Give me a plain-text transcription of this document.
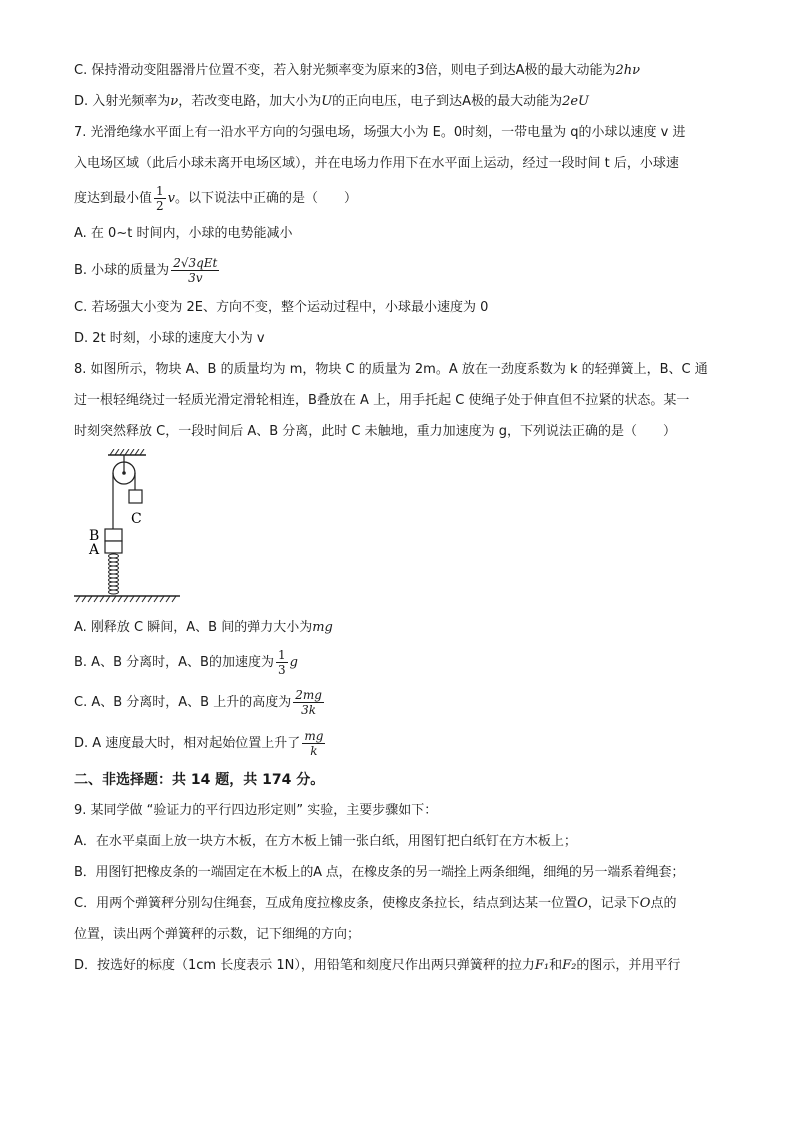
C. 保持滑动变阻器滑片位置不变，若入射光频率变为原来的3倍，则电子到达A极的最大动能为2hν

D. 入射光频率为ν，若改变电路，加大小为U的正向电压，电子到达A极的最大动能为2eU

7. 光滑绝缘水平面上有一沿水平方向的匀强电场，场强大小为 E。0时刻，一带电量为 q的小球以速度 v 进

入电场区域（此后小球未离开电场区域），并在电场力作用下在水平面上运动，经过一段时间 t 后，小球速

度达到最小值 $\frac{1}{2}$ v。以下说法中正确的是（　　）

A. 在 0~t 时间内，小球的电势能减小

B. 小球的质量为 $\frac{\text{2√3qEt}}{3v}$

C. 若场强大小变为 2E、方向不变，整个运动过程中，小球最小速度为 0

D. 2t 时刻，小球的速度大小为 v

8. 如图所示，物块 A、B 的质量均为 m，物块 C 的质量为 2m。A 放在一劲度系数为 k 的轻弹簧上，B、C 通

过一根轻绳绕过一轻质光滑定滑轮相连，B叠放在 A 上，用手托起 C 使绳子处于伸直但不拉紧的状态。某一

时刻突然释放 C，一段时间后 A、B 分离，此时 C 未触地，重力加速度为 g，下列说法正确的是（　　）

C
B
A

A. 刚释放 C 瞬间，A、B 间的弹力大小为mg

B. A、B 分离时，A、B的加速度为 $\frac{1}{3}$ g

C. A、B 分离时，A、B 上升的高度为 $\frac{2mg}{3k}$

D. A 速度最大时，相对起始位置上升了 $\frac{mg}{k}$

二、非选择题：共 14 题，共 174 分。

9. 某同学做 “验证力的平行四边形定则” 实验，主要步骤如下：

A．在水平桌面上放一块方木板，在方木板上铺一张白纸，用图钉把白纸钉在方木板上；

B．用图钉把橡皮条的一端固定在木板上的A 点，在橡皮条的另一端拴上两条细绳，细绳的另一端系着绳套；

C．用两个弹簧秤分别勾住绳套，互成角度拉橡皮条，使橡皮条拉长，结点到达某一位置O，记录下O点的

位置，读出两个弹簧秤的示数，记下细绳的方向；

D．按选好的标度（1cm 长度表示 1N），用铅笔和刻度尺作出两只弹簧秤的拉力F₁和F₂的图示，并用平行
